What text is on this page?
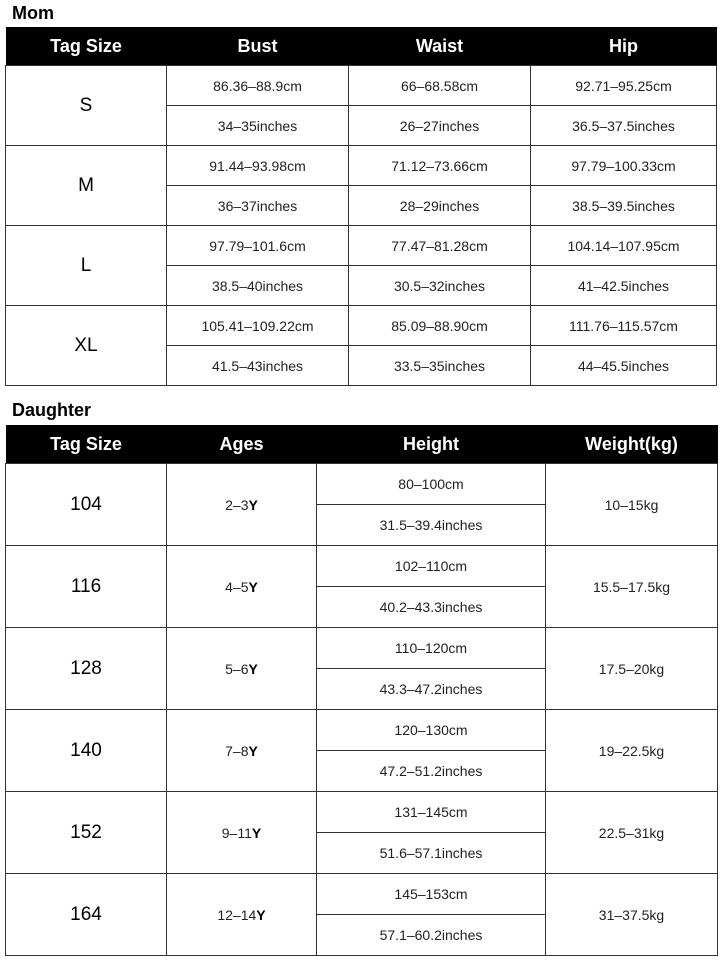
Mom
Tag Size	Bust	Waist	Hip
S	86.36–88.9cm	66–68.58cm	92.71–95.25cm
	34–35inches	26–27inches	36.5–37.5inches
M	91.44–93.98cm	71.12–73.66cm	97.79–100.33cm
	36–37inches	28–29inches	38.5–39.5inches
L	97.79–101.6cm	77.47–81.28cm	104.14–107.95cm
	38.5–40inches	30.5–32inches	41–42.5inches
XL	105.41–109.22cm	85.09–88.90cm	111.76–115.57cm
	41.5–43inches	33.5–35inches	44–45.5inches
Daughter
Tag Size	Ages	Height	Weight(kg)
104	2–3Y	80–100cm	10–15kg
		31.5–39.4inches	
116	4–5Y	102–110cm	15.5–17.5kg
		40.2–43.3inches	
128	5–6Y	110–120cm	17.5–20kg
		43.3–47.2inches	
140	7–8Y	120–130cm	19–22.5kg
		47.2–51.2inches	
152	9–11Y	131–145cm	22.5–31kg
		51.6–57.1inches	
164	12–14Y	145–153cm	31–37.5kg
		57.1–60.2inches	
